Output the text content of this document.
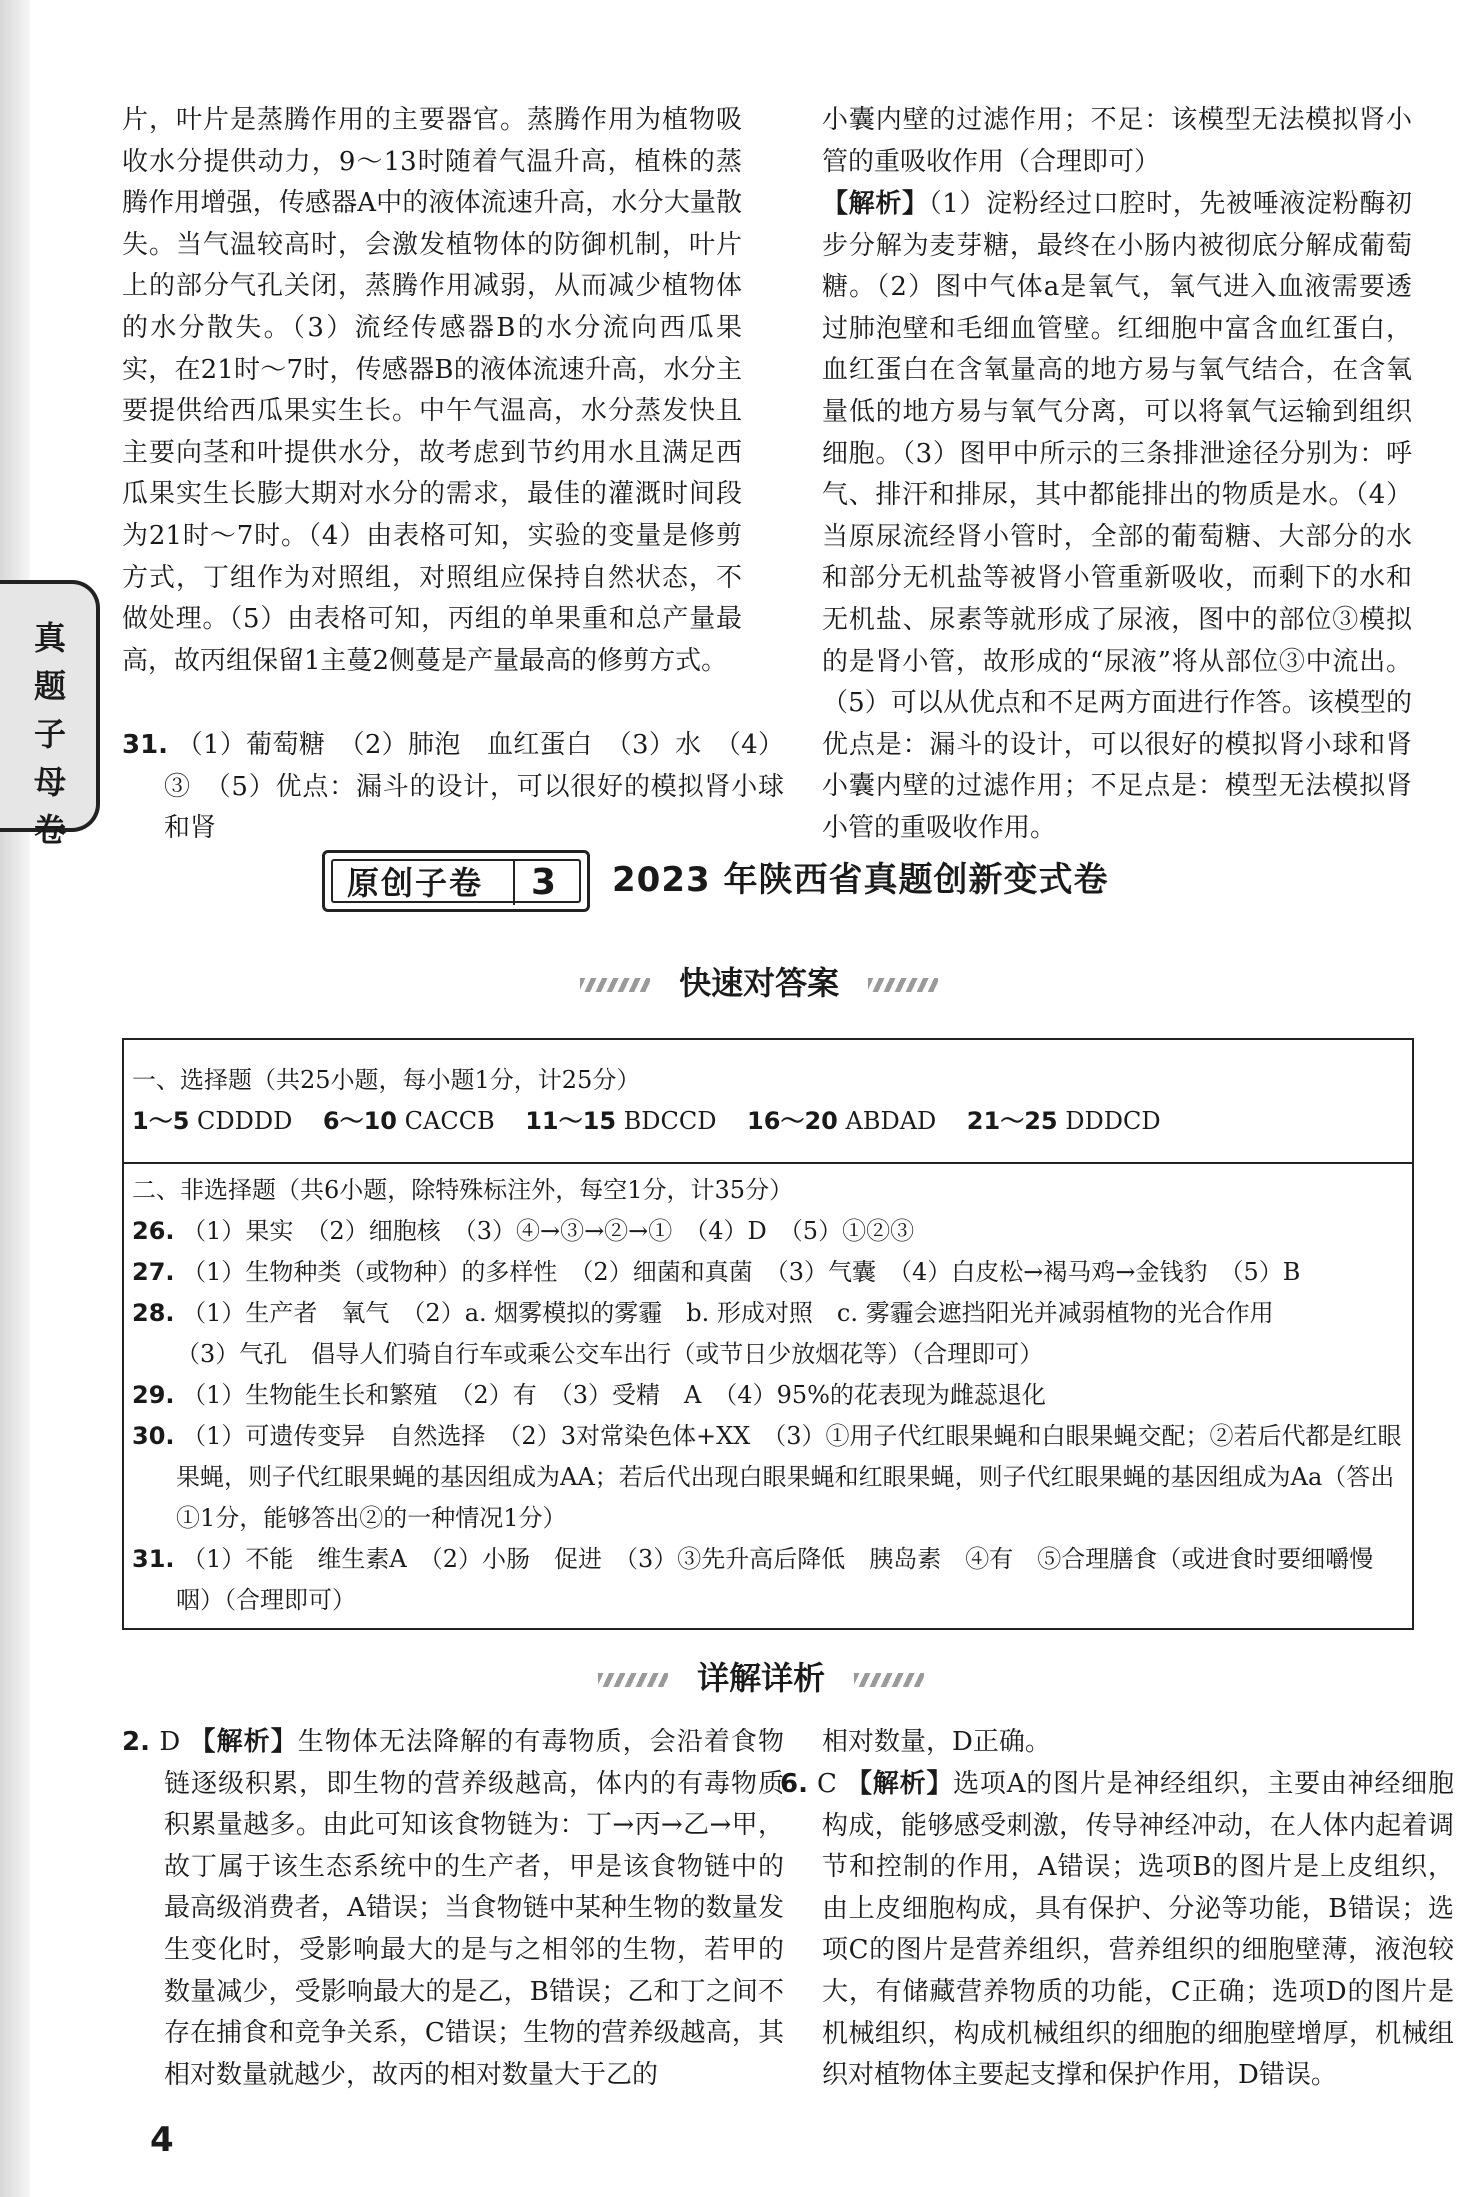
真题子母卷

片，叶片是蒸腾作用的主要器官。蒸腾作用为植物吸收水分提供动力，9～13时随着气温升高，植株的蒸腾作用增强，传感器A中的液体流速升高，水分大量散失。当气温较高时，会激发植物体的防御机制，叶片上的部分气孔关闭，蒸腾作用减弱，从而减少植物体的水分散失。（3）流经传感器B的水分流向西瓜果实，在21时～7时，传感器B的液体流速升高，水分主要提供给西瓜果实生长。中午气温高，水分蒸发快且主要向茎和叶提供水分，故考虑到节约用水且满足西瓜果实生长膨大期对水分的需求，最佳的灌溉时间段为21时～7时。（4）由表格可知，实验的变量是修剪方式，丁组作为对照组，对照组应保持自然状态，不做处理。（5）由表格可知，丙组的单果重和总产量最高，故丙组保留1主蔓2侧蔓是产量最高的修剪方式。

31. （1）葡萄糖　（2）肺泡　血红蛋白　（3）水　（4）③　（5）优点：漏斗的设计，可以很好的模拟肾小球和肾

小囊内壁的过滤作用；不足：该模型无法模拟肾小管的重吸收作用（合理即可）

【解析】（1）淀粉经过口腔时，先被唾液淀粉酶初步分解为麦芽糖，最终在小肠内被彻底分解成葡萄糖。（2）图中气体a是氧气，氧气进入血液需要透过肺泡壁和毛细血管壁。红细胞中富含血红蛋白，血红蛋白在含氧量高的地方易与氧气结合，在含氧量低的地方易与氧气分离，可以将氧气运输到组织细胞。（3）图甲中所示的三条排泄途径分别为：呼气、排汗和排尿，其中都能排出的物质是水。（4）当原尿流经肾小管时，全部的葡萄糖、大部分的水和部分无机盐等被肾小管重新吸收，而剩下的水和无机盐、尿素等就形成了尿液，图中的部位③模拟的是肾小管，故形成的“尿液”将从部位③中流出。（5）可以从优点和不足两方面进行作答。该模型的优点是：漏斗的设计，可以很好的模拟肾小球和肾小囊内壁的过滤作用；不足点是：模型无法模拟肾小管的重吸收作用。

原创子卷 3 2023 年陕西省真题创新变式卷
快速对答案

一、选择题（共25小题，每小题1分，计25分）

1～5 CDDDD 6～10 CACCB 11～15 BDCCD 16～20 ABDAD 21～25 DDDCD

二、非选择题（共6小题，除特殊标注外，每空1分，计35分）

26. （1）果实　（2）细胞核　（3）④→③→②→①　（4）D　（5）①②③

27. （1）生物种类（或物种）的多样性　（2）细菌和真菌　（3）气囊　（4）白皮松→褐马鸡→金钱豹　（5）B

28. （1）生产者　氧气　（2）a. 烟雾模拟的雾霾　b. 形成对照　c. 雾霾会遮挡阳光并减弱植物的光合作用

（3）气孔　倡导人们骑自行车或乘公交车出行（或节日少放烟花等）（合理即可）

29. （1）生物能生长和繁殖　（2）有　（3）受精　A　（4）95%的花表现为雌蕊退化

30. （1）可遗传变异　自然选择　（2）3对常染色体+XX　（3）①用子代红眼果蝇和白眼果蝇交配；②若后代都是红眼果蝇，则子代红眼果蝇的基因组成为AA；若后代出现白眼果蝇和红眼果蝇，则子代红眼果蝇的基因组成为Aa（答出①1分，能够答出②的一种情况1分）

31. （1）不能　维生素A　（2）小肠　促进　（3）③先升高后降低　胰岛素　④有　⑤合理膳食（或进食时要细嚼慢咽）（合理即可）

详解详析

2. D 【解析】生物体无法降解的有毒物质，会沿着食物链逐级积累，即生物的营养级越高，体内的有毒物质积累量越多。由此可知该食物链为：丁→丙→乙→甲，故丁属于该生态系统中的生产者，甲是该食物链中的最高级消费者，A错误；当食物链中某种生物的数量发生变化时，受影响最大的是与之相邻的生物，若甲的数量减少，受影响最大的是乙，B错误；乙和丁之间不存在捕食和竞争关系，C错误；生物的营养级越高，其相对数量就越少，故丙的相对数量大于乙的

相对数量，D正确。

6. C 【解析】选项A的图片是神经组织，主要由神经细胞构成，能够感受刺激，传导神经冲动，在人体内起着调节和控制的作用，A错误；选项B的图片是上皮组织，由上皮细胞构成，具有保护、分泌等功能，B错误；选项C的图片是营养组织，营养组织的细胞壁薄，液泡较大，有储藏营养物质的功能，C正确；选项D的图片是机械组织，构成机械组织的细胞的细胞壁增厚，机械组织对植物体主要起支撑和保护作用，D错误。

4
